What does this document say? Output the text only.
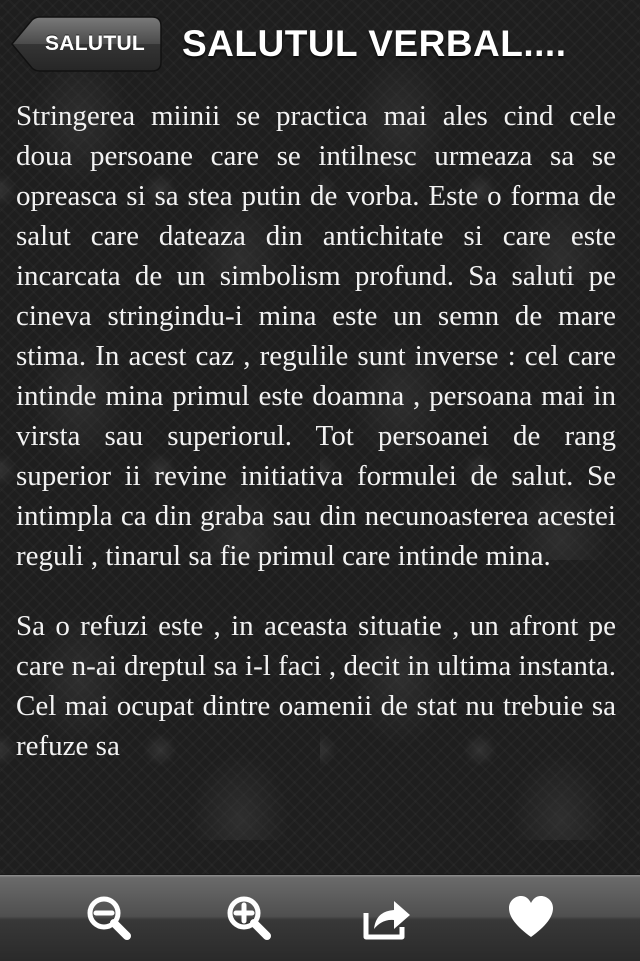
SALUTUL SALUTUL VERBAL....

Stringerea miinii se practica mai ales cind cele doua persoane care se intilnesc urmeaza sa se opreasca si sa stea putin de vorba. Este o forma de salut care dateaza din antichitate si care este incarcata de un simbolism profund. Sa saluti pe cineva stringindu-i mina este un semn de mare stima. In acest caz , regulile sunt inverse : cel care intinde mina primul este doamna , persoana mai in virsta sau superiorul. Tot persoanei de rang superior ii revine initiativa formulei de salut. Se intimpla ca din graba sau din necunoasterea acestei reguli , tinarul sa fie primul care intinde mina.

Sa o refuzi este , in aceasta situatie , un afront pe care n-ai dreptul sa i-l faci , decit in ultima instanta. Cel mai ocupat dintre oamenii de stat nu trebuie sa refuze sa
